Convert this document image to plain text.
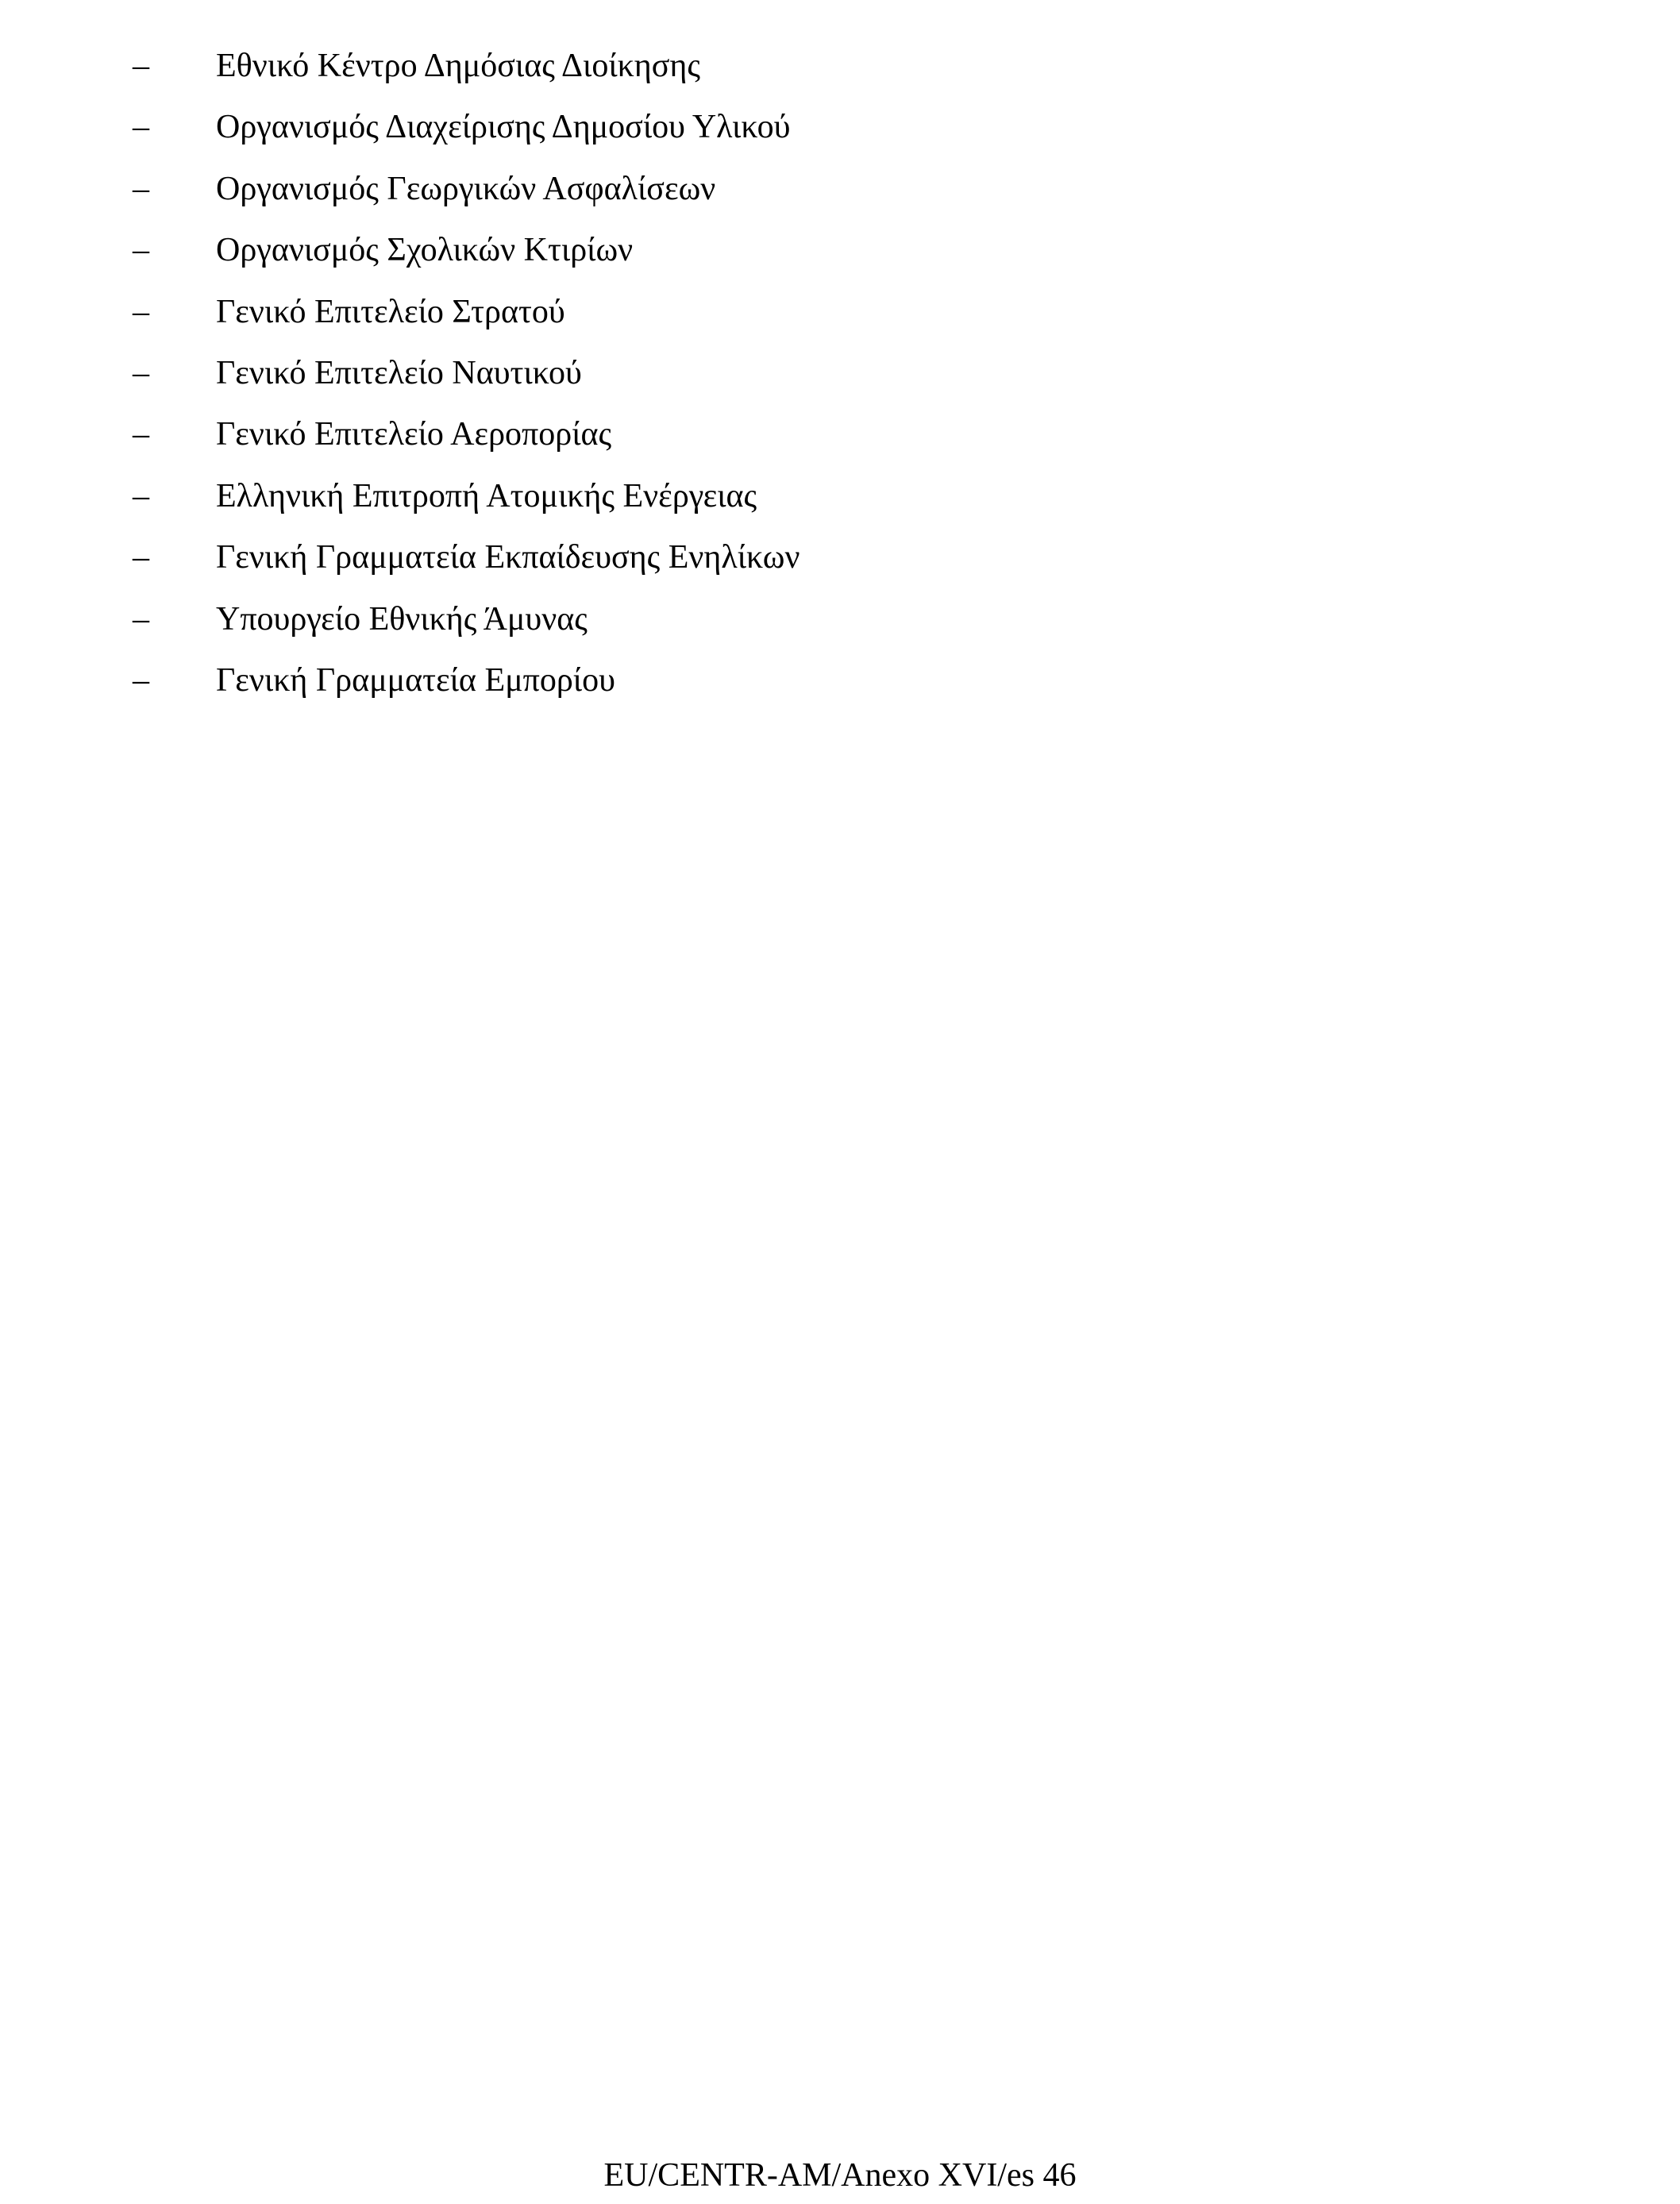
– Εθνικό Κέντρο Δημόσιας Διοίκησης
– Οργανισμός Διαχείρισης Δημοσίου Υλικού
– Οργανισμός Γεωργικών Ασφαλίσεων
– Οργανισμός Σχολικών Κτιρίων
– Γενικό Επιτελείο Στρατού
– Γενικό Επιτελείο Ναυτικού
– Γενικό Επιτελείο Αεροπορίας
– Ελληνική Επιτροπή Ατομικής Ενέργειας
– Γενική Γραμματεία Εκπαίδευσης Ενηλίκων
– Υπουργείο Εθνικής Άμυνας
– Γενική Γραμματεία Εμπορίου
EU/CENTR-AM/Anexo XVI/es 46
